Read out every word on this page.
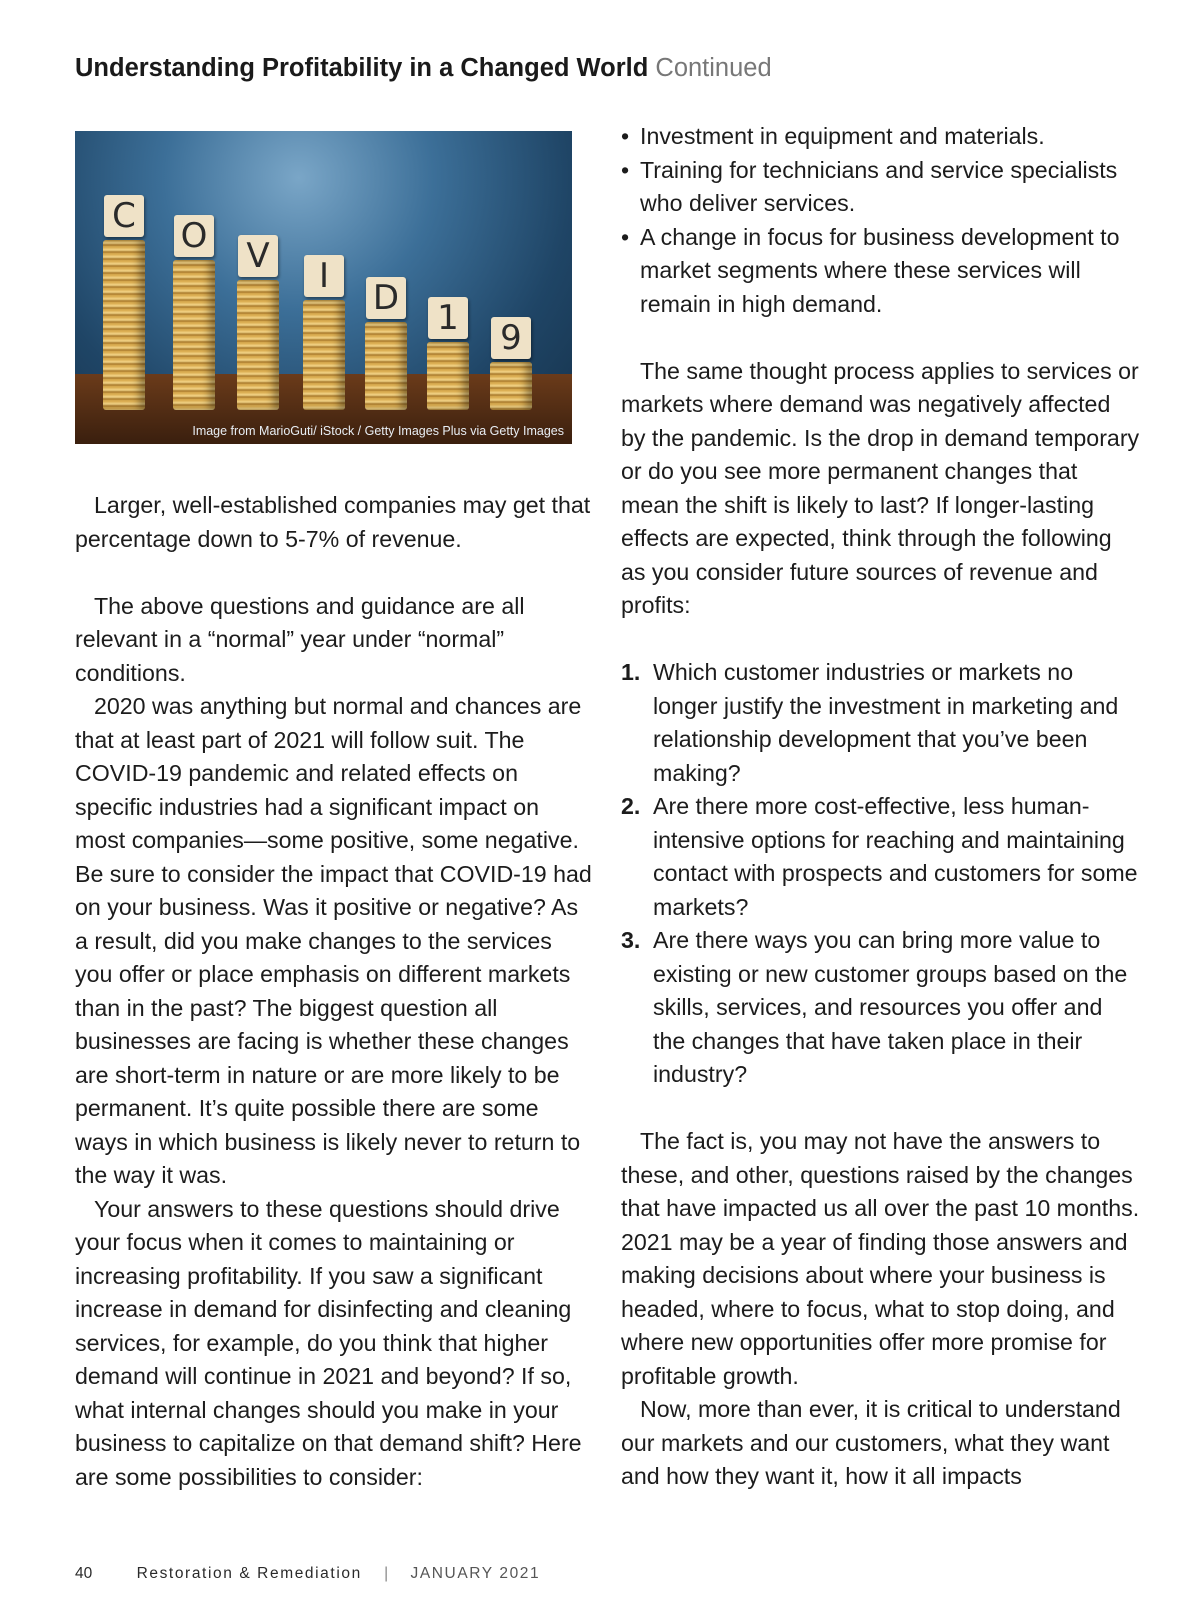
Understanding Profitability in a Changed World Continued
C O V	I
D 1 9
Image from MarioGuti/ iStock / Getty Images Plus via Getty Images

Larger, well-established companies may get that percentage down to 5-7% of revenue.

The above questions and guidance are all relevant in a “normal” year under “normal” conditions.

2020 was anything but normal and chances are that at least part of 2021 will follow suit. The COVID-19 pandemic and related effects on specific industries had a significant impact on most companies—some positive, some negative. Be sure to consider the impact that COVID-19 had on your business. Was it positive or negative? As a result, did you make changes to the services you offer or place emphasis on different markets than in the past? The biggest question all businesses are facing is whether these changes are short-term in nature or are more likely to be permanent. It’s quite possible there are some ways in which business is likely never to return to the way it was.

Your answers to these questions should drive your focus when it comes to maintaining or increasing profitability. If you saw a significant increase in demand for disinfecting and cleaning services, for example, do you think that higher demand will continue in 2021 and beyond? If so, what internal changes should you make in your business to capitalize on that demand shift? Here are some possibilities to consider:

• Investment in equipment and materials.
• Training for technicians and service specialists who deliver services.
• A change in focus for business development to market segments where these services will remain in high demand.

The same thought process applies to services or markets where demand was negatively affected by the pandemic. Is the drop in demand temporary or do you see more permanent changes that mean the shift is likely to last? If longer-lasting effects are expected, think through the following as you consider future sources of revenue and profits:

1. Which customer industries or markets no longer justify the investment in marketing and relationship development that you’ve been making?
2. Are there more cost-effective, less human-intensive options for reaching and maintaining contact with prospects and customers for some markets?
3. Are there ways you can bring more value to existing or new customer groups based on the skills, services, and resources you offer and the changes that have taken place in their industry?

The fact is, you may not have the answers to these, and other, questions raised by the changes that have impacted us all over the past 10 months. 2021 may be a year of finding those answers and making decisions about where your business is headed, where to focus, what to stop doing, and where new opportunities offer more promise for profitable growth.

Now, more than ever, it is critical to understand our markets and our customers, what they want and how they want it, how it all impacts

40	Restoration & Remediation | JANUARY 2021
